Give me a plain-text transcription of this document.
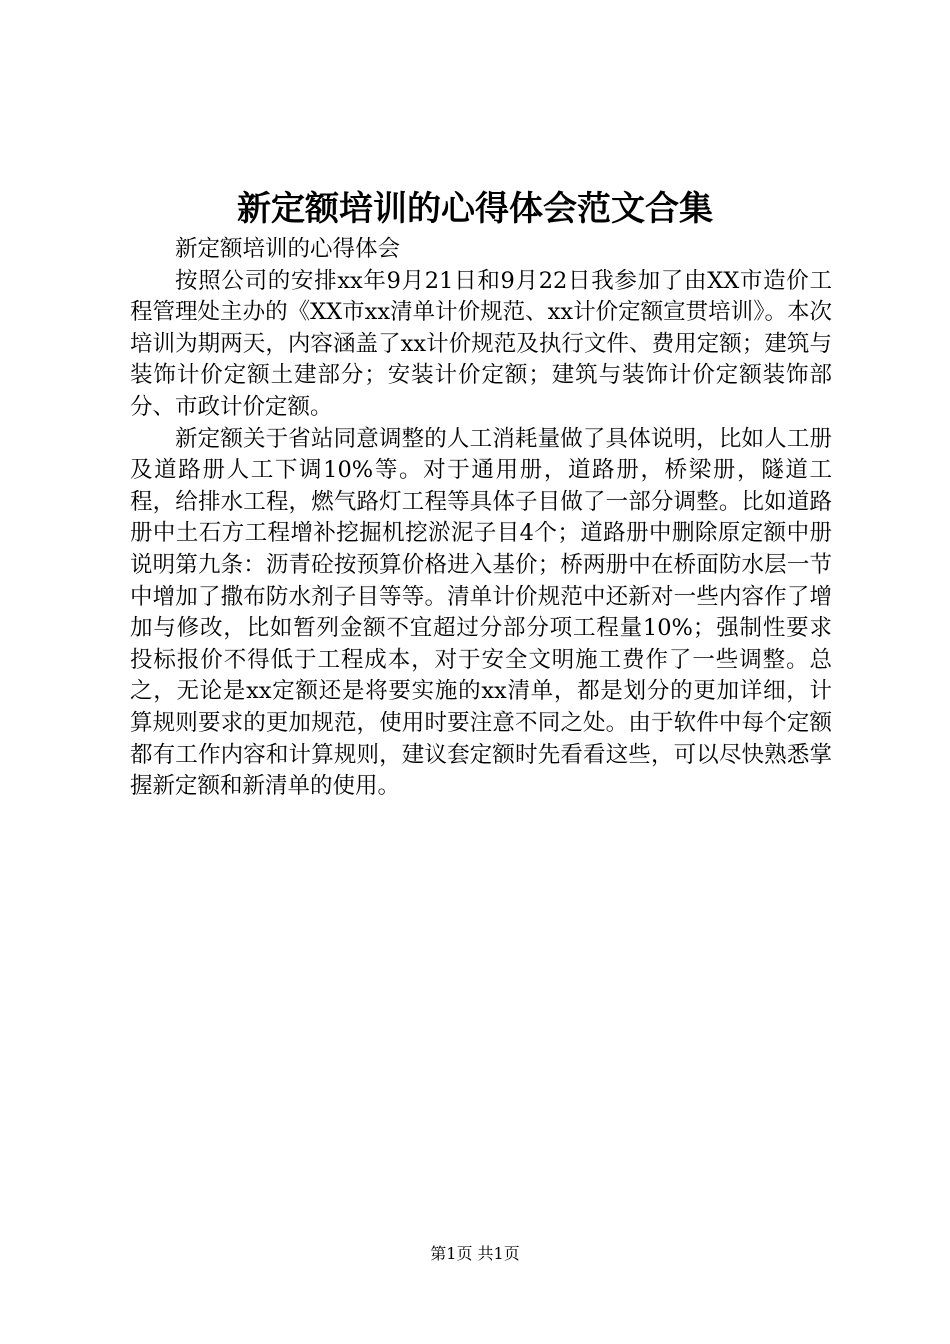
新定额培训的心得体会范文合集

新定额培训的心得体会

按照公司的安排xx年9月21日和9月22日我参加了由XX市造价工程管理处主办的《XX市xx清单计价规范、xx计价定额宣贯培训》。本次培训为期两天，内容涵盖了xx计价规范及执行文件、费用定额；建筑与装饰计价定额土建部分；安装计价定额；建筑与装饰计价定额装饰部分、市政计价定额。

新定额关于省站同意调整的人工消耗量做了具体说明，比如人工册及道路册人工下调10%等。对于通用册，道路册，桥梁册，隧道工程，给排水工程，燃气路灯工程等具体子目做了一部分调整。比如道路册中土石方工程增补挖掘机挖淤泥子目4个；道路册中删除原定额中册说明第九条：沥青砼按预算价格进入基价；桥两册中在桥面防水层一节中增加了撒布防水剂子目等等。清单计价规范中还新对一些内容作了增加与修改，比如暂列金额不宜超过分部分项工程量10%；强制性要求投标报价不得低于工程成本，对于安全文明施工费作了一些调整。总之，无论是xx定额还是将要实施的xx清单，都是划分的更加详细，计算规则要求的更加规范，使用时要注意不同之处。由于软件中每个定额都有工作内容和计算规则，建议套定额时先看看这些，可以尽快熟悉掌握新定额和新清单的使用。

第1页 共1页
